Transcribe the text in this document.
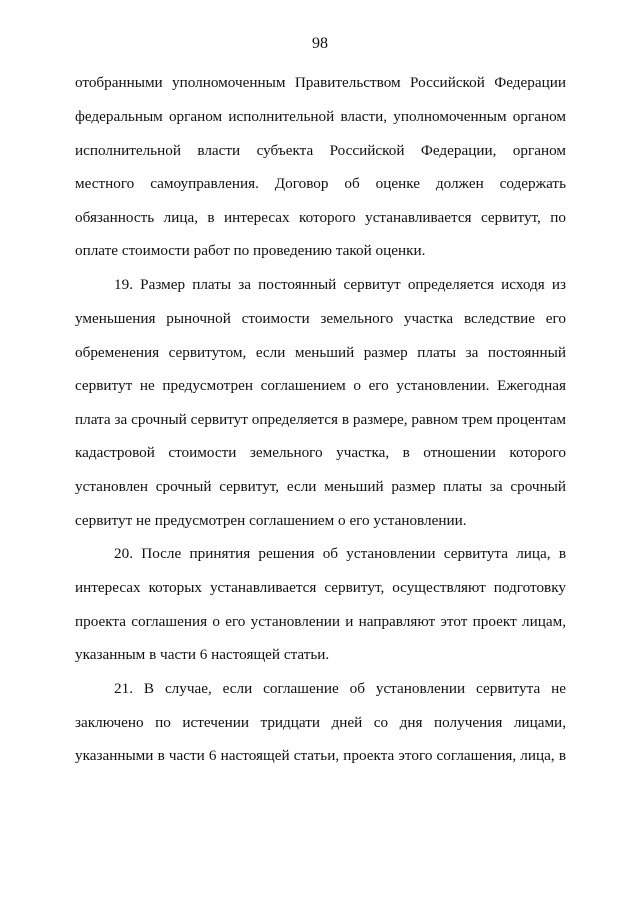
98
отобранными уполномоченным Правительством Российской Федерации
федеральным органом исполнительной власти, уполномоченным органом
исполнительной власти субъекта Российской Федерации, органом
местного самоуправления. Договор об оценке должен содержать
обязанность лица, в интересах которого устанавливается сервитут, по
оплате стоимости работ по проведению такой оценки.
19. Размер платы за постоянный сервитут определяется исходя из
уменьшения рыночной стоимости земельного участка вследствие его
обременения сервитутом, если меньший размер платы за постоянный
сервитут не предусмотрен соглашением о его установлении. Ежегодная
плата за срочный сервитут определяется в размере, равном трем процентам
кадастровой стоимости земельного участка, в отношении которого
установлен срочный сервитут, если меньший размер платы за срочный
сервитут не предусмотрен соглашением о его установлении.
20. После принятия решения об установлении сервитута лица, в
интересах которых устанавливается сервитут, осуществляют подготовку
проекта соглашения о его установлении и направляют этот проект лицам,
указанным в части 6 настоящей статьи.
21. В случае, если соглашение об установлении сервитута не
заключено по истечении тридцати дней со дня получения лицами,
указанными в части 6 настоящей статьи, проекта этого соглашения, лица, в
